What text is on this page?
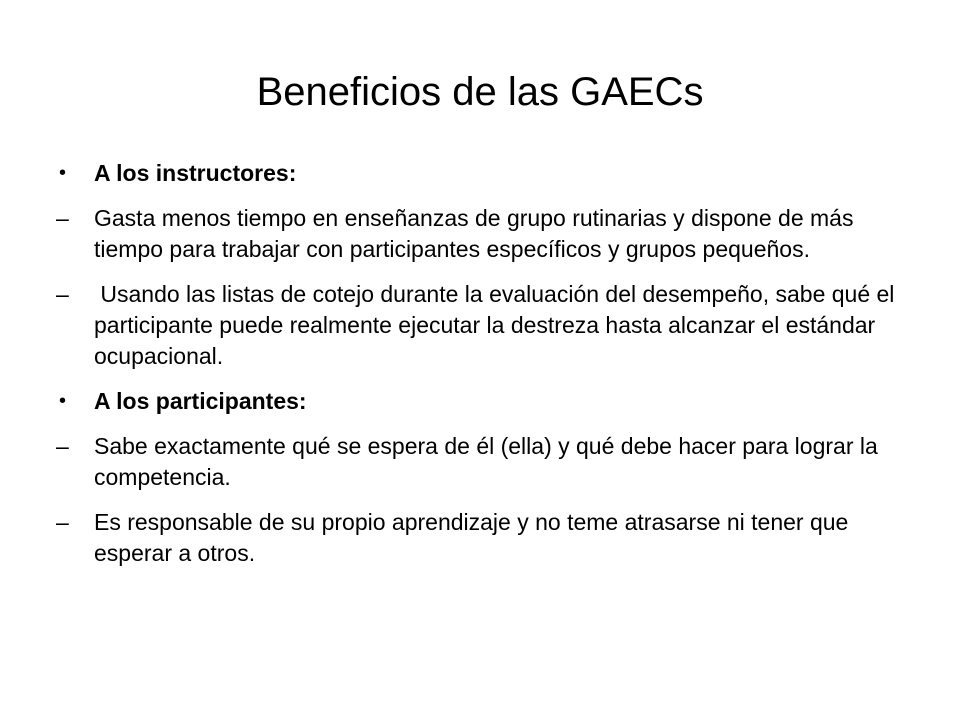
Beneficios de las GAECs
•	A los instructores:
–	Gasta menos tiempo en enseñanzas de grupo rutinarias y dispone de más tiempo para trabajar con participantes específicos y grupos pequeños.
–	Usando las listas de cotejo durante la evaluación del desempeño, sabe qué el participante puede realmente ejecutar la destreza hasta alcanzar el estándar ocupacional.
•	A los participantes:
–	Sabe exactamente qué se espera de él (ella) y qué debe hacer para lograr la competencia.
–	Es responsable de su propio aprendizaje y no teme atrasarse ni tener que esperar a otros.
